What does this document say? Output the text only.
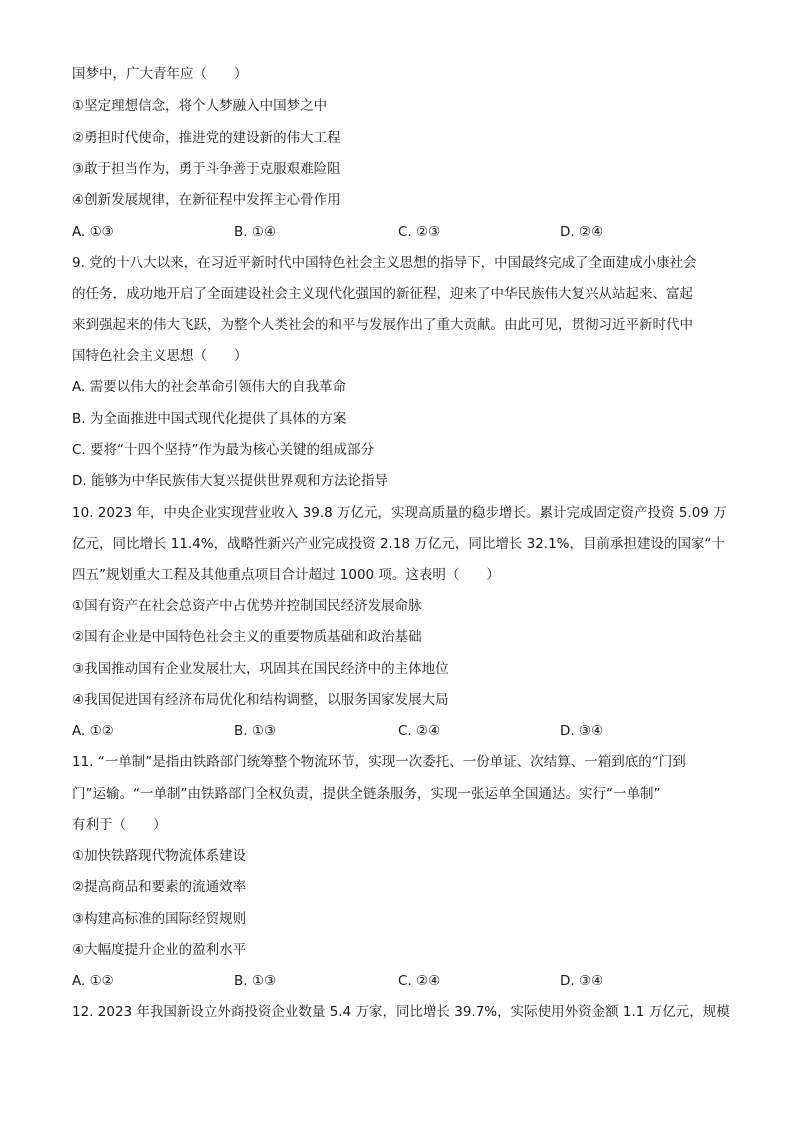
国梦中，广大青年应（　　）
①坚定理想信念，将个人梦融入中国梦之中
②勇担时代使命，推进党的建设新的伟大工程
③敢于担当作为，勇于斗争善于克服艰难险阻
④创新发展规律，在新征程中发挥主心骨作用
A. ①③	B. ①④	C. ②③	D. ②④
9. 党的十八大以来，在习近平新时代中国特色社会主义思想的指导下，中国最终完成了全面建成小康社会
的任务，成功地开启了全面建设社会主义现代化强国的新征程，迎来了中华民族伟大复兴从站起来、富起
来到强起来的伟大飞跃，为整个人类社会的和平与发展作出了重大贡献。由此可见，贯彻习近平新时代中
国特色社会主义思想（　　）
A. 需要以伟大的社会革命引领伟大的自我革命
B. 为全面推进中国式现代化提供了具体的方案
C. 要将“十四个坚持”作为最为核心关键的组成部分
D. 能够为中华民族伟大复兴提供世界观和方法论指导
10. 2023 年，中央企业实现营业收入 39.8 万亿元，实现高质量的稳步增长。累计完成固定资产投资 5.09 万
亿元，同比增长 11.4%，战略性新兴产业完成投资 2.18 万亿元，同比增长 32.1%，目前承担建设的国家“十
四五”规划重大工程及其他重点项目合计超过 1000 项。这表明（　　）
①国有资产在社会总资产中占优势并控制国民经济发展命脉
②国有企业是中国特色社会主义的重要物质基础和政治基础
③我国推动国有企业发展壮大，巩固其在国民经济中的主体地位
④我国促进国有经济布局优化和结构调整，以服务国家发展大局
A. ①②	B. ①③	C. ②④	D. ③④
11. “一单制”是指由铁路部门统筹整个物流环节，实现一次委托、一份单证、次结算、一箱到底的“门到
门”运输。“一单制”由铁路部门全权负责，提供全链条服务，实现一张运单全国通达。实行“一单制”
有利于（　　）
①加快铁路现代物流体系建设
②提高商品和要素的流通效率
③构建高标准的国际经贸规则
④大幅度提升企业的盈利水平
A. ①②	B. ①③	C. ②④	D. ③④
12. 2023 年我国新设立外商投资企业数量 5.4 万家，同比增长 39.7%，实际使用外资金额 1.1 万亿元，规模
